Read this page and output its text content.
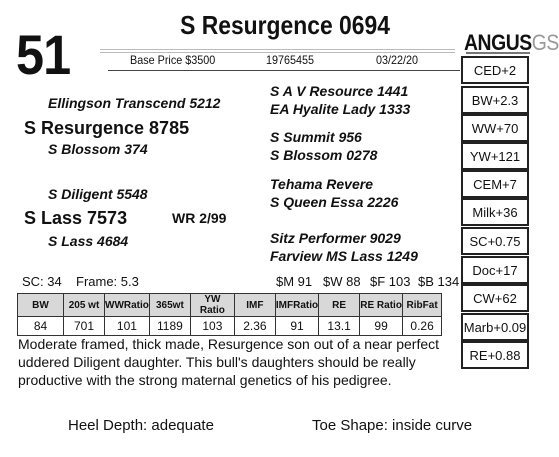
51	S Resurgence 0694
Base Price $3500	19765455	03/22/20
ANGUSGS
Ellingson Transcend 5212
S Resurgence 8785
S Blossom 374
S A V Resource 1441
EA Hyalite Lady 1333
S Summit 956
S Blossom 0278
S Diligent 5548
S Lass 7573	WR 2/99
S Lass 4684
Tehama Revere
S Queen Essa 2226
Sitz Performer 9029
Farview MS Lass 1249
CED+2
BW+2.3
WW+70
YW+121
CEM+7
Milk+36
SC+0.75
Doc+17
CW+62
Marb+0.09
RE+0.88
SC: 34 Frame: 5.3	$M 91 $W 88 $F 103 $B 134
BW	205 wt	WWRatio	365wt	YW Ratio	IMF	IMFRatio	RE	RE Ratio	RibFat
84	701	101	1189	103	2.36	91	13.1	99	0.26
Moderate framed, thick made, Resurgence son out of a near perfect uddered Diligent daughter. This bull's daughters should be really productive with the strong maternal genetics of his pedigree.
Heel Depth: adequate	Toe Shape: inside curve
